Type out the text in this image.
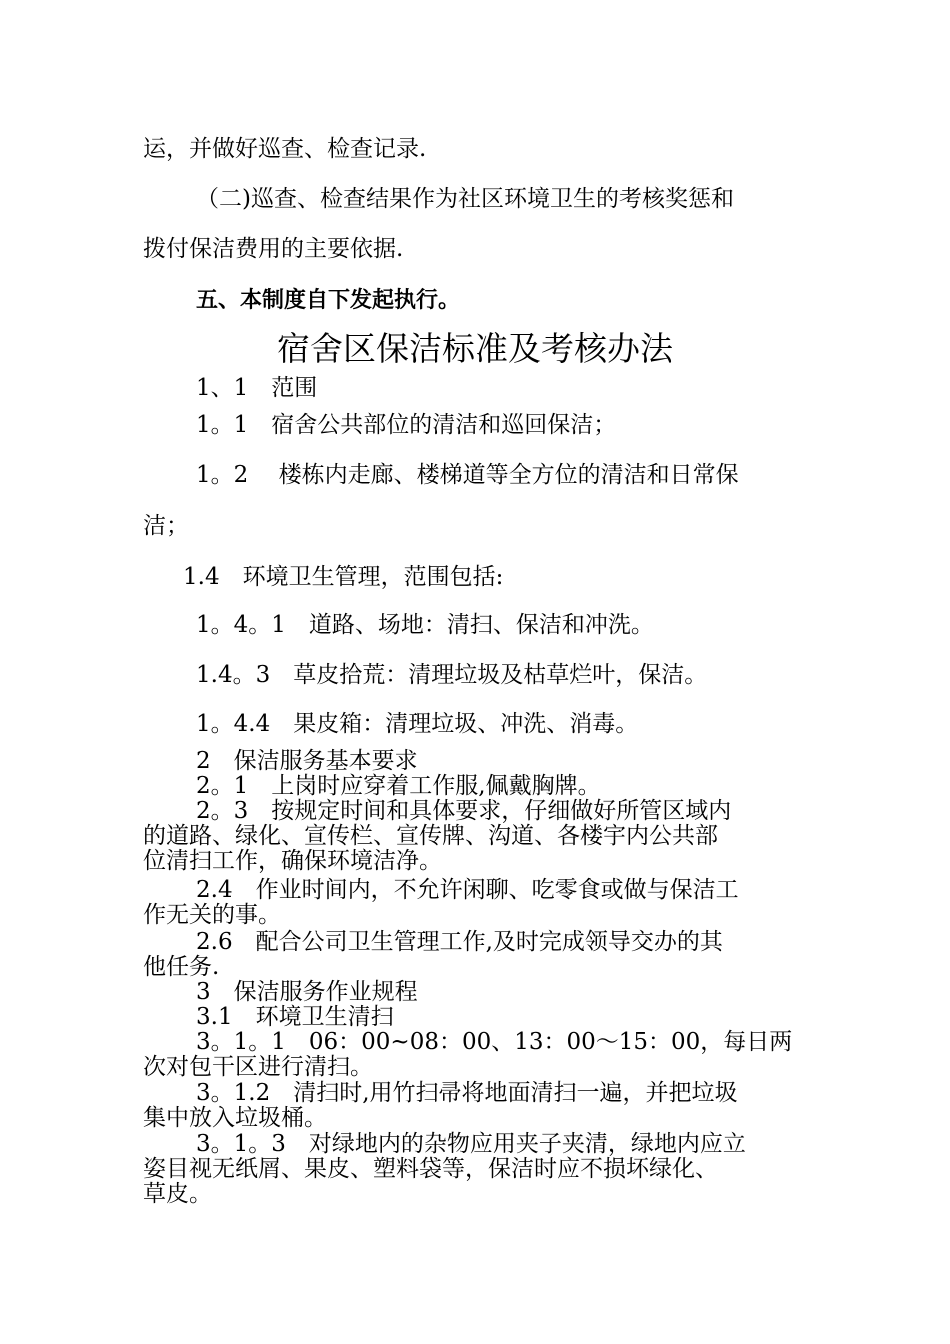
运，并做好巡查、检查记录.
（二)巡查、检查结果作为社区环境卫生的考核奖惩和
拨付保洁费用的主要依据.
五、本制度自下发起执行。
宿舍区保洁标准及考核办法
1、1　范围
1。1　宿舍公共部位的清洁和巡回保洁；
1。2　 楼栋内走廊、楼梯道等全方位的清洁和日常保
洁；
1.4　环境卫生管理，范围包括:
1。4。1　道路、场地：清扫、保洁和冲洗。
1.4。3　草皮拾荒：清理垃圾及枯草烂叶，保洁。
1。4.4　果皮箱：清理垃圾、冲洗、消毒。
2　保洁服务基本要求
2。1　上岗时应穿着工作服,佩戴胸牌。
2。3　按规定时间和具体要求，仔细做好所管区域内
的道路、绿化、宣传栏、宣传牌、沟道、各楼宇内公共部
位清扫工作，确保环境洁净。
2.4　作业时间内，不允许闲聊、吃零食或做与保洁工
作无关的事。
2.6　配合公司卫生管理工作,及时完成领导交办的其
他任务.
3　保洁服务作业规程
3.1　环境卫生清扫
3。1。1　06：00~08：00、13：00～15：00，每日两
次对包干区进行清扫。
3。1.2　清扫时,用竹扫帚将地面清扫一遍，并把垃圾
集中放入垃圾桶。
3。1。3　对绿地内的杂物应用夹子夹清，绿地内应立
姿目视无纸屑、果皮、塑料袋等，保洁时应不损坏绿化、
草皮。
